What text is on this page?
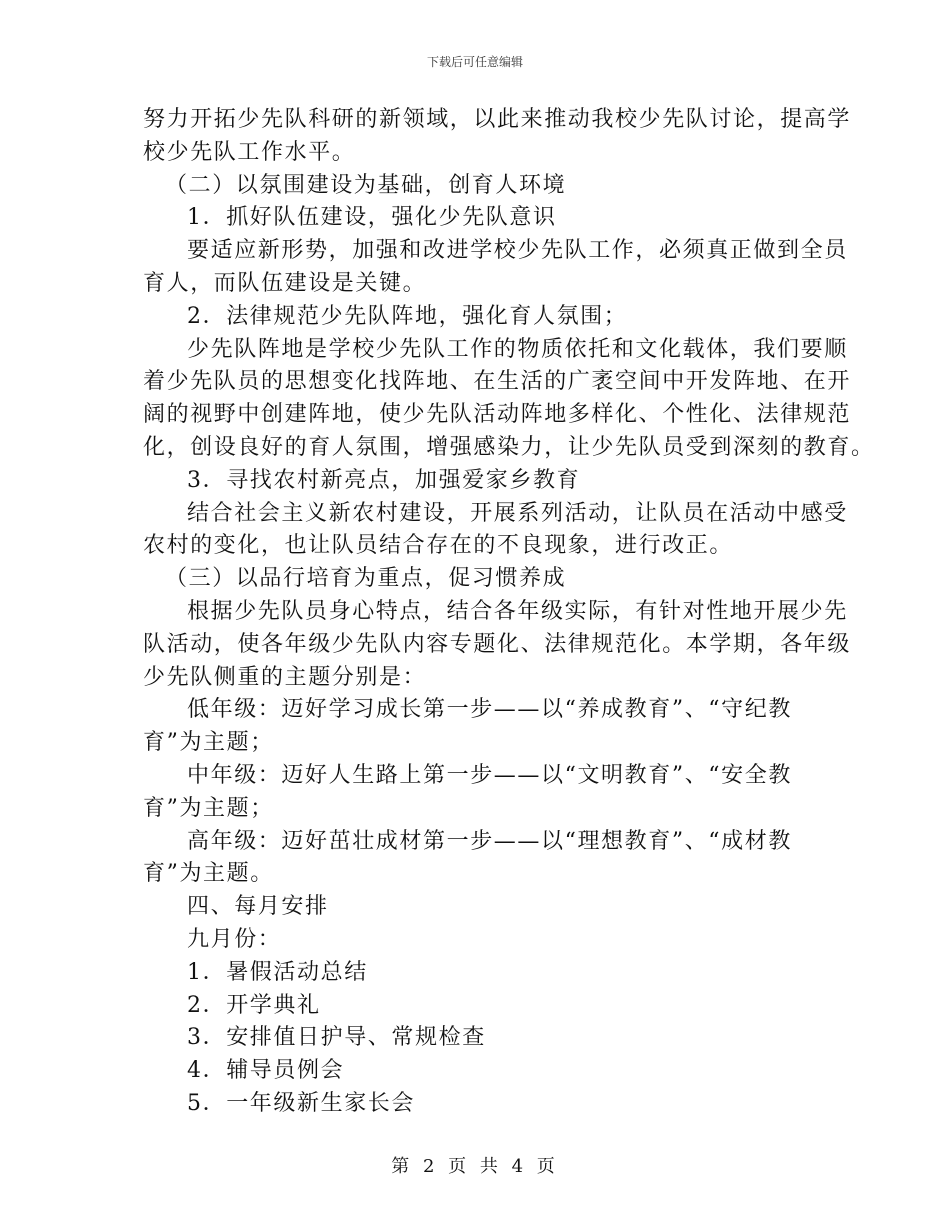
下载后可任意编辑
努力开拓少先队科研的新领域，以此来推动我校少先队讨论，提高学
校少先队工作水平。
（二）以氛围建设为基础，创育人环境
1．抓好队伍建设，强化少先队意识
要适应新形势，加强和改进学校少先队工作，必须真正做到全员
育人，而队伍建设是关键。
2．法律规范少先队阵地，强化育人氛围；
少先队阵地是学校少先队工作的物质依托和文化载体，我们要顺
着少先队员的思想变化找阵地、在生活的广袤空间中开发阵地、在开
阔的视野中创建阵地，使少先队活动阵地多样化、个性化、法律规范
化，创设良好的育人氛围，增强感染力，让少先队员受到深刻的教育。
3．寻找农村新亮点，加强爱家乡教育
结合社会主义新农村建设，开展系列活动，让队员在活动中感受
农村的变化，也让队员结合存在的不良现象，进行改正。
（三）以品行培育为重点，促习惯养成
根据少先队员身心特点，结合各年级实际，有针对性地开展少先
队活动，使各年级少先队内容专题化、法律规范化。本学期，各年级
少先队侧重的主题分别是：
低年级：迈好学习成长第一步——以“养成教育”、“守纪教
育”为主题；
中年级：迈好人生路上第一步——以“文明教育”、“安全教
育”为主题；
高年级：迈好茁壮成材第一步——以“理想教育”、“成材教
育”为主题。
四、每月安排
九月份：
1．暑假活动总结
2．开学典礼
3．安排值日护导、常规检查
4．辅导员例会
5．一年级新生家长会
第 2 页 共 4 页
